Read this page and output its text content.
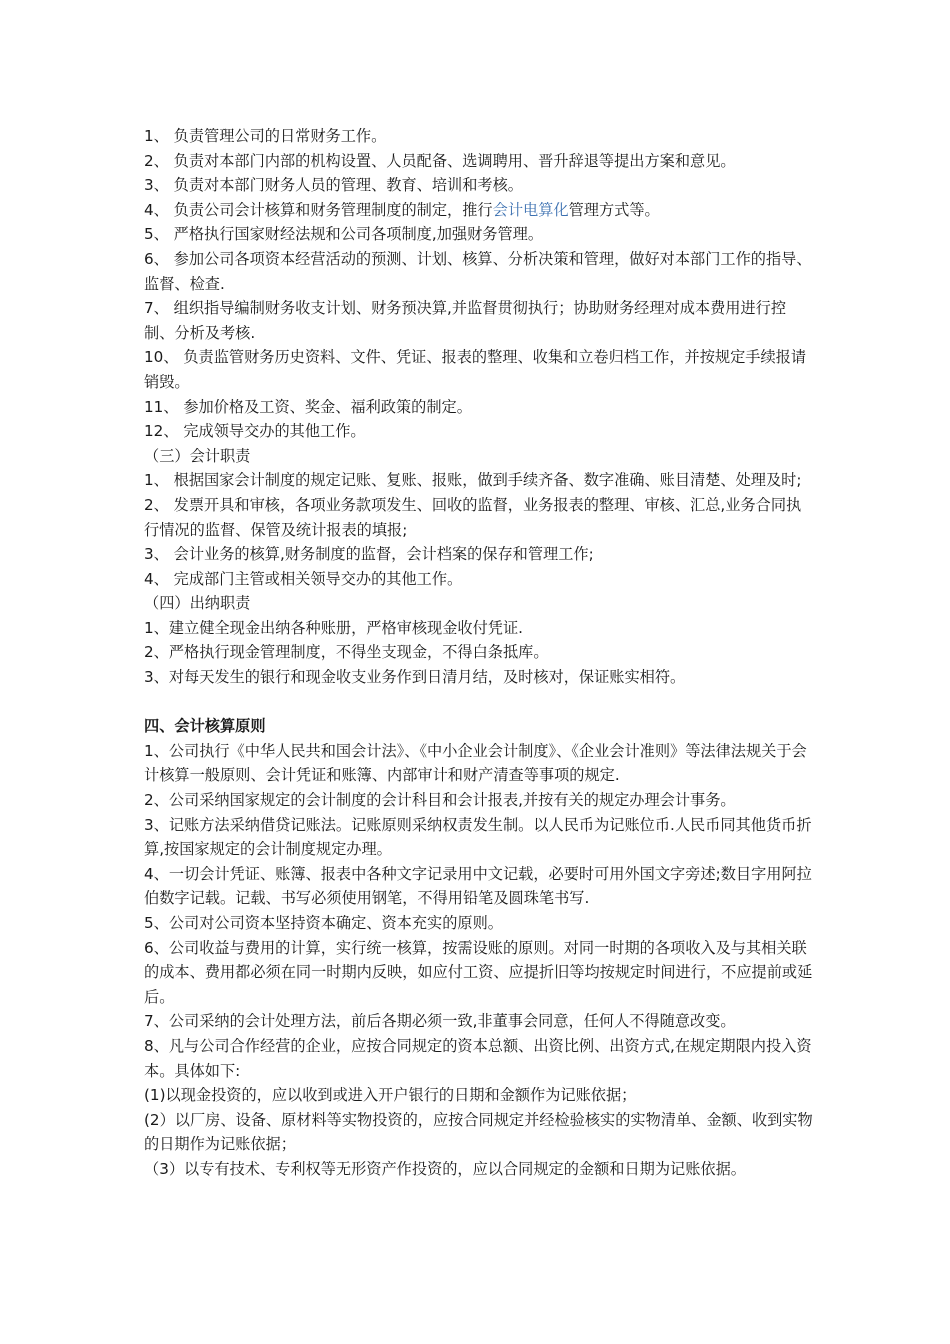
1、 负责管理公司的日常财务工作。

2、 负责对本部门内部的机构设置、人员配备、选调聘用、晋升辞退等提出方案和意见。

3、 负责对本部门财务人员的管理、教育、培训和考核。

4、 负责公司会计核算和财务管理制度的制定，推行会计电算化管理方式等。

5、 严格执行国家财经法规和公司各项制度,加强财务管理。

6、 参加公司各项资本经营活动的预测、计划、核算、分析决策和管理，做好对本部门工作的指导、监督、检查.

7、 组织指导编制财务收支计划、财务预决算,并监督贯彻执行；协助财务经理对成本费用进行控制、分析及考核.

10、 负责监管财务历史资料、文件、凭证、报表的整理、收集和立卷归档工作，并按规定手续报请销毁。

11、 参加价格及工资、奖金、福利政策的制定。

12、 完成领导交办的其他工作。

（三）会计职责

1、 根据国家会计制度的规定记账、复账、报账，做到手续齐备、数字准确、账目清楚、处理及时;

2、 发票开具和审核，各项业务款项发生、回收的监督，业务报表的整理、审核、汇总,业务合同执行情况的监督、保管及统计报表的填报;

3、 会计业务的核算,财务制度的监督，会计档案的保存和管理工作;

4、 完成部门主管或相关领导交办的其他工作。

（四）出纳职责

1、建立健全现金出纳各种账册，严格审核现金收付凭证.

2、严格执行现金管理制度，不得坐支现金，不得白条抵库。

3、对每天发生的银行和现金收支业务作到日清月结，及时核对，保证账实相符。

四、会计核算原则

1、公司执行《中华人民共和国会计法》、《中小企业会计制度》、《企业会计准则》等法律法规关于会计核算一般原则、会计凭证和账簿、内部审计和财产清查等事项的规定.

2、公司采纳国家规定的会计制度的会计科目和会计报表,并按有关的规定办理会计事务。

3、记账方法采纳借贷记账法。记账原则采纳权责发生制。以人民币为记账位币.人民币同其他货币折算,按国家规定的会计制度规定办理。

4、一切会计凭证、账簿、报表中各种文字记录用中文记载，必要时可用外国文字旁述;数目字用阿拉伯数字记载。记载、书写必须使用钢笔，不得用铅笔及圆珠笔书写.

5、公司对公司资本坚持资本确定、资本充实的原则。

6、公司收益与费用的计算，实行统一核算，按需设账的原则。对同一时期的各项收入及与其相关联的成本、费用都必须在同一时期内反映，如应付工资、应提折旧等均按规定时间进行，不应提前或延后。

7、公司采纳的会计处理方法，前后各期必须一致,非董事会同意，任何人不得随意改变。

8、凡与公司合作经营的企业，应按合同规定的资本总额、出资比例、出资方式,在规定期限内投入资本。具体如下:

(1)以现金投资的，应以收到或进入开户银行的日期和金额作为记账依据；

(2）以厂房、设备、原材料等实物投资的，应按合同规定并经检验核实的实物清单、金额、收到实物的日期作为记账依据；

（3）以专有技术、专利权等无形资产作投资的，应以合同规定的金额和日期为记账依据。
